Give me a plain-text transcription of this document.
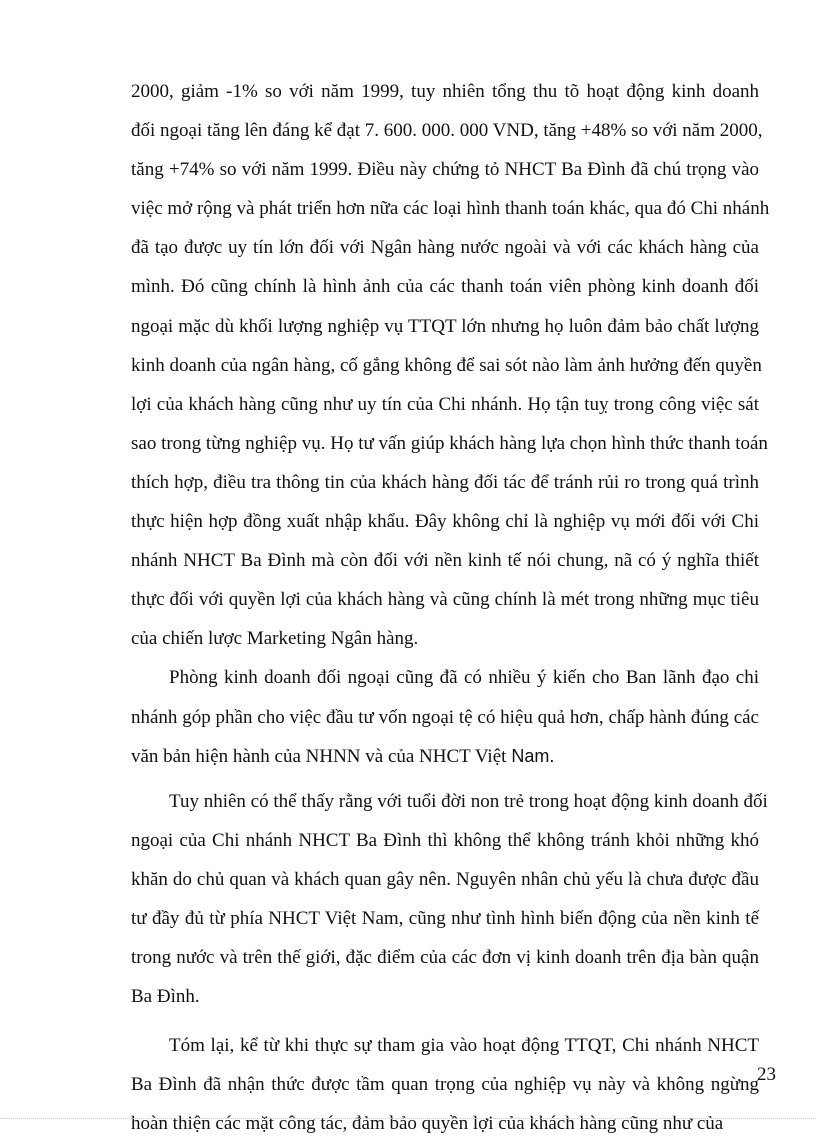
2000, giảm -1% so với năm 1999, tuy nhiên tổng thu tõ hoạt động kinh doanh
đối ngoại tăng lên đáng kể đạt 7. 600. 000. 000 VND, tăng +48% so với năm 2000,
tăng +74% so với năm 1999. Điều này chứng tỏ NHCT Ba Đình đã chú trọng vào
việc mở rộng và phát triển hơn nữa các loại hình thanh toán khác, qua đó Chi nhánh
đã tạo được uy tín lớn đối với Ngân hàng nước ngoài và với các khách hàng của
mình. Đó cũng chính là hình ảnh của các thanh toán viên phòng kinh doanh đối
ngoại mặc dù khối lượng nghiệp vụ TTQT lớn nhưng họ luôn đảm bảo chất lượng
kinh doanh của ngân hàng, cố gắng không để sai sót nào làm ảnh hưởng đến quyền
lợi của khách hàng cũng như uy tín của Chi nhánh. Họ tận tuỵ trong công việc sát
sao trong từng nghiệp vụ. Họ tư vấn giúp khách hàng lựa chọn hình thức thanh toán
thích hợp, điều tra thông tin của khách hàng đối tác để tránh rủi ro trong quá trình
thực hiện hợp đồng xuất nhập khẩu. Đây không chỉ là nghiệp vụ mới đối với Chi
nhánh NHCT Ba Đình mà còn đối với nền kinh tế nói chung, nã có ý nghĩa thiết
thực đối với quyền lợi của khách hàng và cũng chính là mét trong những mục tiêu
của chiến lược Marketing Ngân hàng.
Phòng kinh doanh đối ngoại cũng đã có nhiều ý kiến cho Ban lãnh đạo chi
nhánh góp phần cho việc đầu tư vốn ngoại tệ có hiệu quả hơn, chấp hành đúng các
văn bản hiện hành của NHNN và của NHCT Việt Nam.
Tuy nhiên có thể thấy rằng với tuổi đời non trẻ trong hoạt động kinh doanh đối
ngoại của Chi nhánh NHCT Ba Đình thì không thể không tránh khỏi những khó
khăn do chủ quan và khách quan gây nên. Nguyên nhân chủ yếu là chưa được đầu
tư đầy đủ từ phía NHCT Việt Nam, cũng như tình hình biến động của nền kinh tế
trong nước và trên thế giới, đặc điểm của các đơn vị kinh doanh trên địa bàn quận
Ba Đình.
Tóm lại, kể từ khi thực sự tham gia vào hoạt động TTQT, Chi nhánh NHCT
Ba Đình đã nhận thức được tầm quan trọng của nghiệp vụ này và không ngừng
hoàn thiện các mặt công tác, đảm bảo quyền lợi của khách hàng cũng như của
23
